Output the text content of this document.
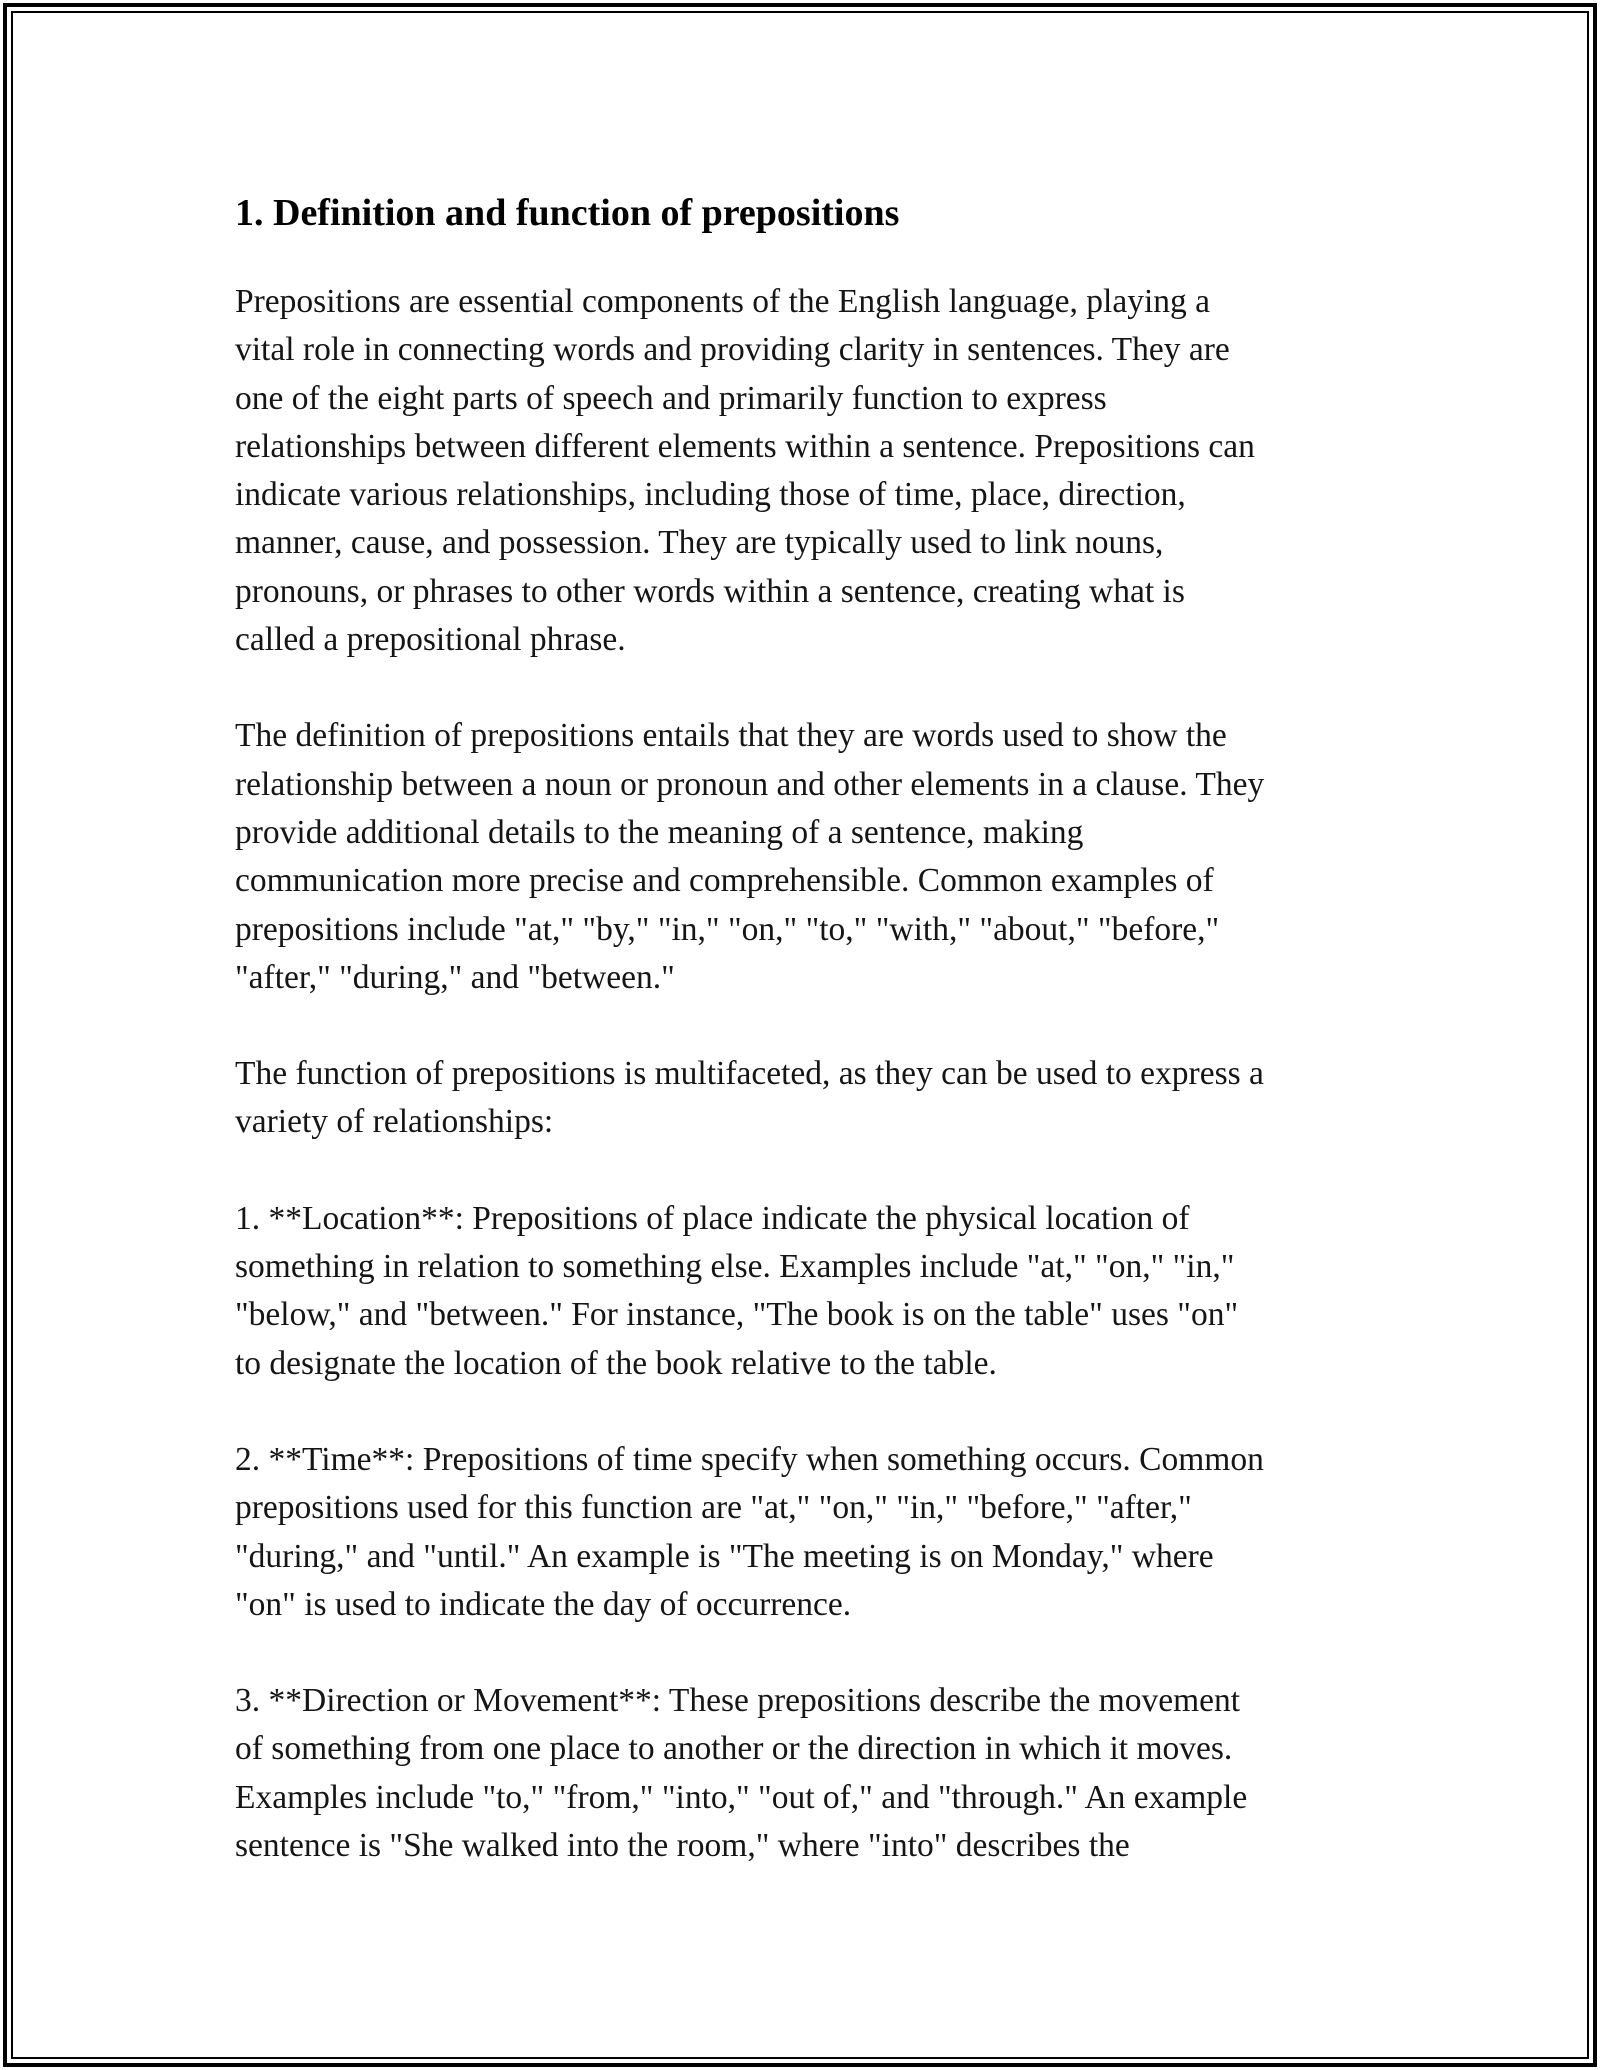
1. Definition and function of prepositions

Prepositions are essential components of the English language, playing a
vital role in connecting words and providing clarity in sentences. They are
one of the eight parts of speech and primarily function to express
relationships between different elements within a sentence. Prepositions can
indicate various relationships, including those of time, place, direction,
manner, cause, and possession. They are typically used to link nouns,
pronouns, or phrases to other words within a sentence, creating what is
called a prepositional phrase.

The definition of prepositions entails that they are words used to show the
relationship between a noun or pronoun and other elements in a clause. They
provide additional details to the meaning of a sentence, making
communication more precise and comprehensible. Common examples of
prepositions include "at," "by," "in," "on," "to," "with," "about," "before,"
"after," "during," and "between."

The function of prepositions is multifaceted, as they can be used to express a
variety of relationships:

1. **Location**: Prepositions of place indicate the physical location of
something in relation to something else. Examples include "at," "on," "in,"
"below," and "between." For instance, "The book is on the table" uses "on"
to designate the location of the book relative to the table.

2. **Time**: Prepositions of time specify when something occurs. Common
prepositions used for this function are "at," "on," "in," "before," "after,"
"during," and "until." An example is "The meeting is on Monday," where
"on" is used to indicate the day of occurrence.

3. **Direction or Movement**: These prepositions describe the movement
of something from one place to another or the direction in which it moves.
Examples include "to," "from," "into," "out of," and "through." An example
sentence is "She walked into the room," where "into" describes the
